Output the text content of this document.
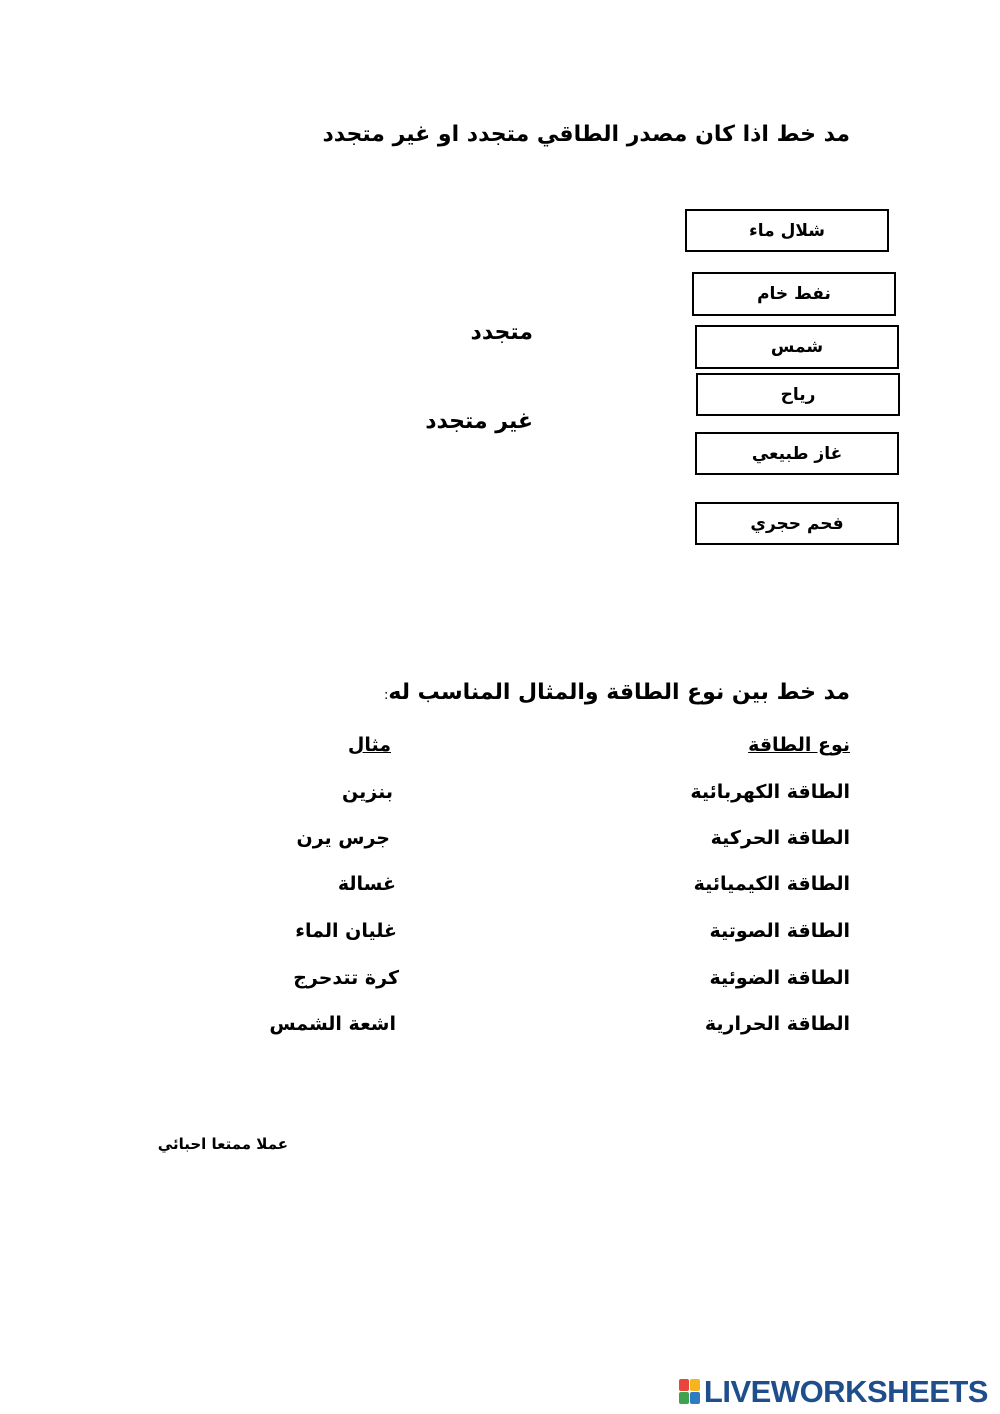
مد خط اذا كان مصدر الطاقي متجدد او غير متجدد
شلال ماء
نفط خام
شمس
رياح
غاز طبيعي
فحم حجري
متجدد
غير متجدد
مد خط بين نوع الطاقة والمثال المناسب له:
نوع الطاقة
مثال
الطاقة الكهربائية
الطاقة الحركية
الطاقة الكيميائية
الطاقة الصوتية
الطاقة الضوئية
الطاقة الحرارية
بنزين
جرس يرن
غسالة
غليان الماء
كرة تتدحرج
اشعة الشمس
عملا ممتعا احبائي
LIVEWORKSHEETS
